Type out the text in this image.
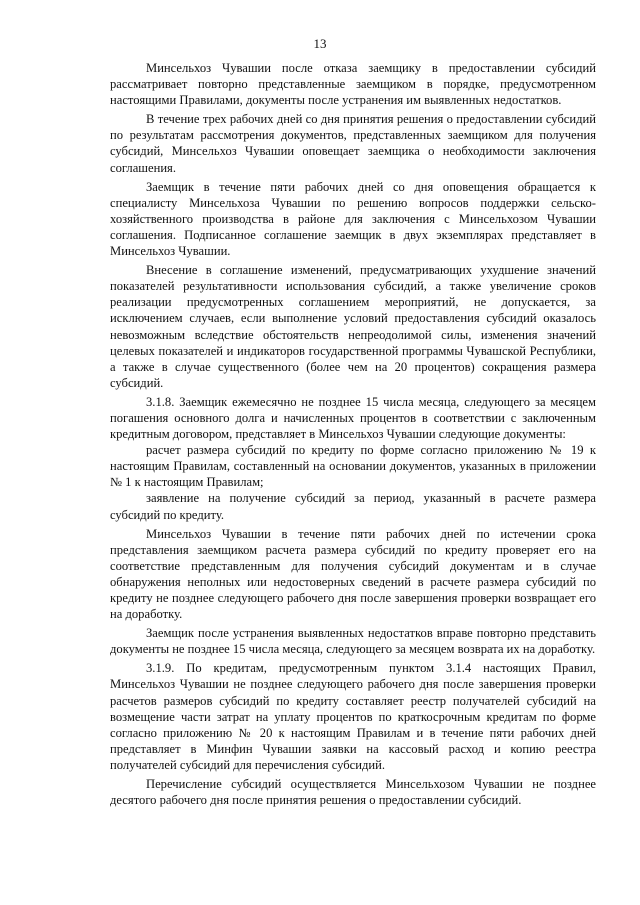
13

Минсельхоз Чувашии после отказа заемщику в предоставлении субсидий рассматривает повторно представленные заемщиком в порядке, предусмотренном настоящими Правилами, документы после устранения им выявленных недостатков.

В течение трех рабочих дней со дня принятия решения о предоставлении субсидий по результатам рассмотрения документов, представленных заемщиком для получения субсидий, Минсельхоз Чувашии оповещает заемщика о необходимости заключения соглашения.

Заемщик в течение пяти рабочих дней со дня оповещения обращается к специалисту Минсельхоза Чувашии по решению вопросов поддержки сельскохозяйственного производства в районе для заключения с Минсельхозом Чувашии соглашения. Подписанное соглашение заемщик в двух экземплярах представляет в Минсельхоз Чувашии.

Внесение в соглашение изменений, предусматривающих ухудшение значений показателей результативности использования субсидий, а также увеличение сроков реализации предусмотренных соглашением мероприятий, не допускается, за исключением случаев, если выполнение условий предоставления субсидий оказалось невозможным вследствие обстоятельств непреодолимой силы, изменения значений целевых показателей и индикаторов государственной программы Чувашской Республики, а также в случае существенного (более чем на 20 процентов) сокращения размера субсидий.

3.1.8. Заемщик ежемесячно не позднее 15 числа месяца, следующего за месяцем погашения основного долга и начисленных процентов в соответствии с заключенным кредитным договором, представляет в Минсельхоз Чувашии следующие документы:

расчет размера субсидий по кредиту по форме согласно приложению № 19 к настоящим Правилам, составленный на основании документов, указанных в приложении № 1 к настоящим Правилам;

заявление на получение субсидий за период, указанный в расчете размера субсидий по кредиту.

Минсельхоз Чувашии в течение пяти рабочих дней по истечении срока представления заемщиком расчета размера субсидий по кредиту проверяет его на соответствие представленным для получения субсидий документам и в случае обнаружения неполных или недостоверных сведений в расчете размера субсидий по кредиту не позднее следующего рабочего дня после завершения проверки возвращает его на доработку.

Заемщик после устранения выявленных недостатков вправе повторно представить документы не позднее 15 числа месяца, следующего за месяцем возврата их на доработку.

3.1.9. По кредитам, предусмотренным пунктом 3.1.4 настоящих Правил, Минсельхоз Чувашии не позднее следующего рабочего дня после завершения проверки расчетов размеров субсидий по кредиту составляет реестр получателей субсидий на возмещение части затрат на уплату процентов по краткосрочным кредитам по форме согласно приложению № 20 к настоящим Правилам и в течение пяти рабочих дней представляет в Минфин Чувашии заявки на кассовый расход и копию реестра получателей субсидий для перечисления субсидий.

Перечисление субсидий осуществляется Минсельхозом Чувашии не позднее десятого рабочего дня после принятия решения о предоставлении субсидий.
